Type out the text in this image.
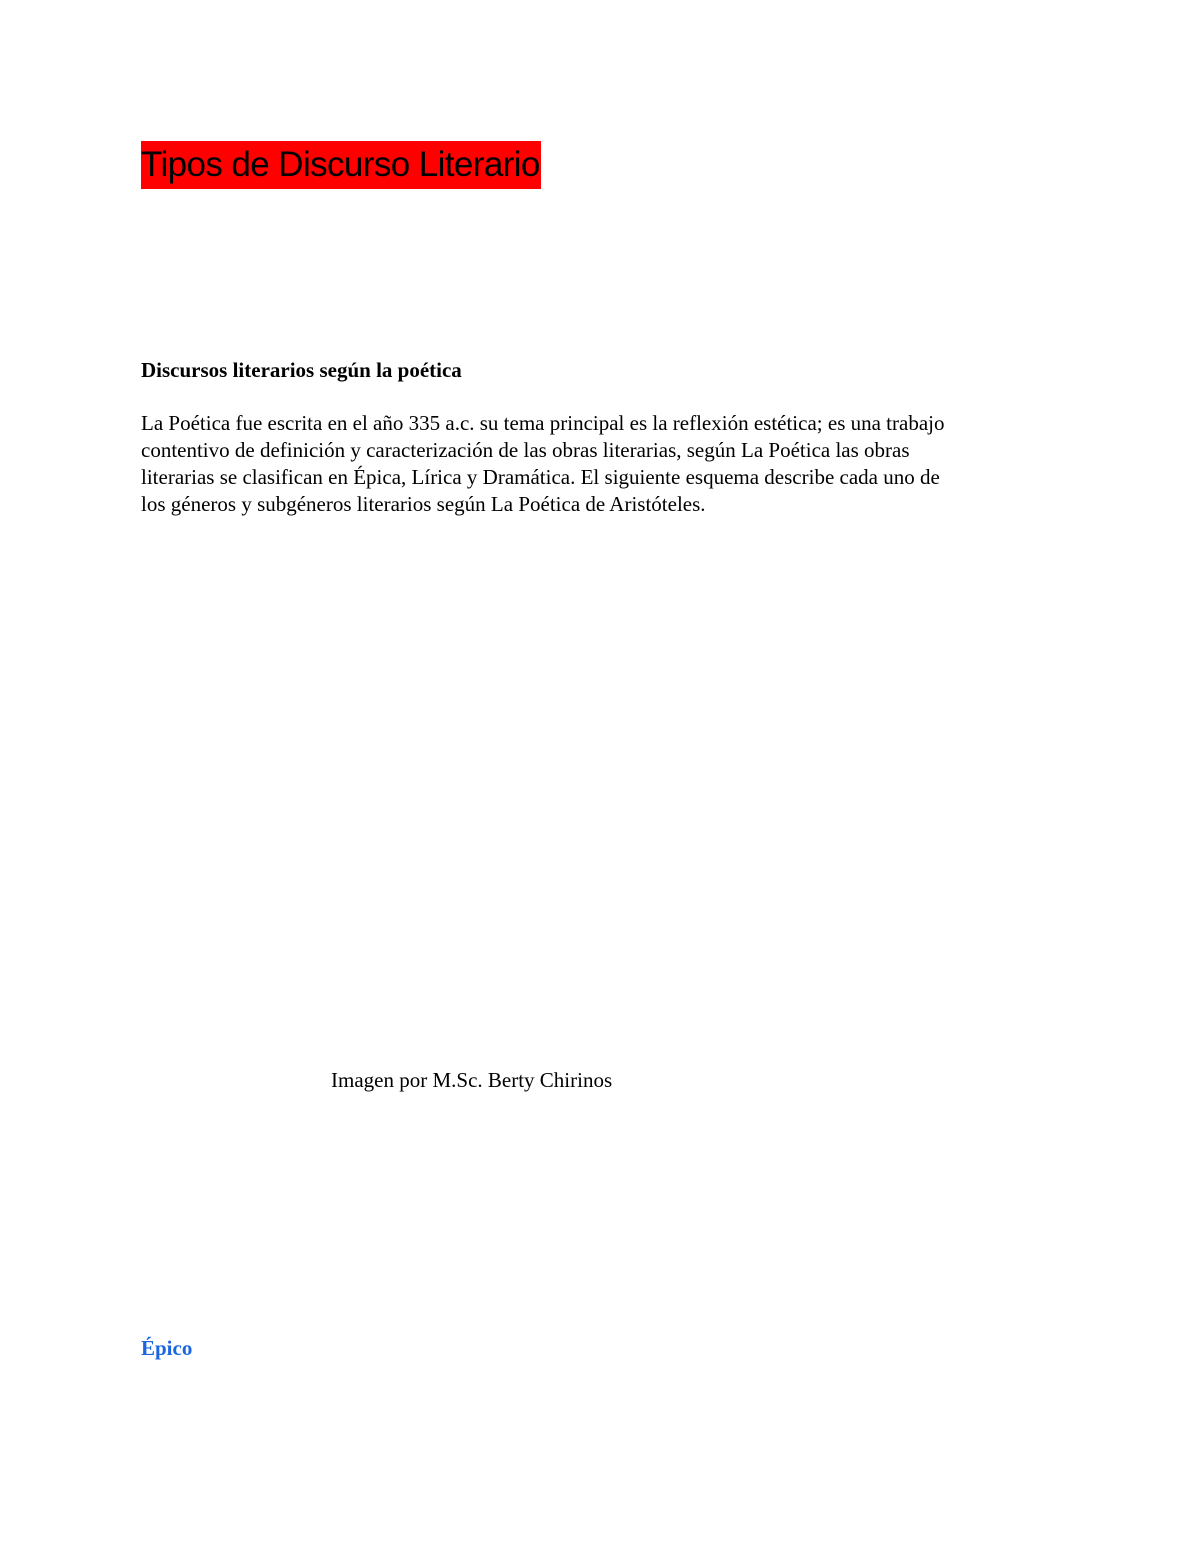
Tipos de Discurso Literario
Discursos literarios según la poética
La Poética fue escrita en el año 335 a.c. su tema principal es la reflexión estética; es una trabajo
contentivo de definición y caracterización de las obras literarias, según La Poética las obras
literarias se clasifican en Épica, Lírica y Dramática. El siguiente esquema describe cada uno de
los géneros y subgéneros literarios según La Poética de Aristóteles.
Imagen por M.Sc. Berty Chirinos
Épico
